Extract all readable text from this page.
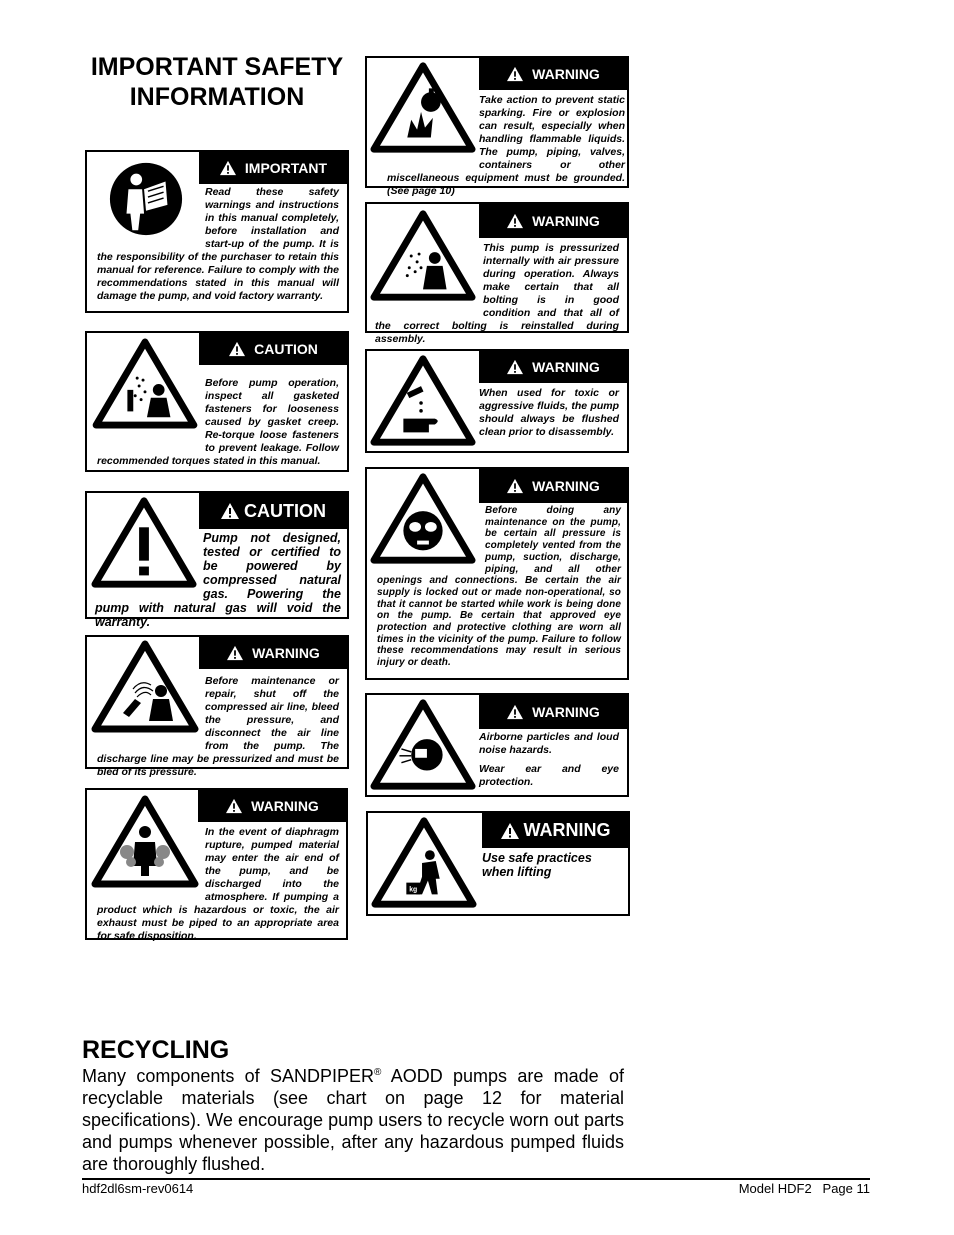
IMPORTANT SAFETY INFORMATION
IMPORTANT

Read these safety warnings and instructions in this manual completely, before installation and start-up of the pump. It is the responsibility of the purchaser to retain this manual for reference. Failure to comply with the recommendations stated in this manual will damage the pump, and void factory warranty.

CAUTION

Before pump operation, inspect all gasketed fasteners for looseness caused by gasket creep. Re-torque loose fasteners to prevent leakage. Follow recommended torques stated in this manual.

CAUTION

Pump not designed, tested or certified to be powered by compressed natural gas. Powering the pump with natural gas will void the warranty.

WARNING

Before maintenance or repair, shut off the compressed air line, bleed the pressure, and disconnect the air line from the pump. The discharge line may be pressurized and must be bled of its pressure.

WARNING

In the event of diaphragm rupture, pumped material may enter the air end of the pump, and be discharged into the atmosphere. If pumping a product which is hazardous or toxic, the air exhaust must be piped to an appropriate area for safe disposition.

WARNING

Take action to prevent static sparking. Fire or explosion can result, especially when handling flammable liquids. The pump, piping, valves, containers or other miscellaneous equipment must be grounded. (See page 10)

WARNING

This pump is pressurized internally with air pressure during operation. Always make certain that all bolting is in good condition and that all of the correct bolting is reinstalled during assembly.

WARNING

When used for toxic or aggressive fluids, the pump should always be flushed clean prior to disassembly.

WARNING

Before doing any maintenance on the pump, be certain all pressure is completely vented from the pump, suction, discharge, piping, and all other openings and connections. Be certain the air supply is locked out or made non-operational, so that it cannot be started while work is being done on the pump. Be certain that approved eye protection and protective clothing are worn all times in the vicinity of the pump. Failure to follow these recommendations may result in serious injury or death.

WARNING

Airborne particles and loud noise hazards.

Wear ear and eye protection.

WARNING
kg

Use safe practices when lifting

RECYCLING

Many components of SANDPIPER® AODD pumps are made of recyclable materials (see chart on page 12 for material specifications). We encourage pump users to recycle worn out parts and pumps whenever possible, after any hazardous pumped fluids are thoroughly flushed.

hdf2dl6sm-rev0614	Model HDF2   Page 11
